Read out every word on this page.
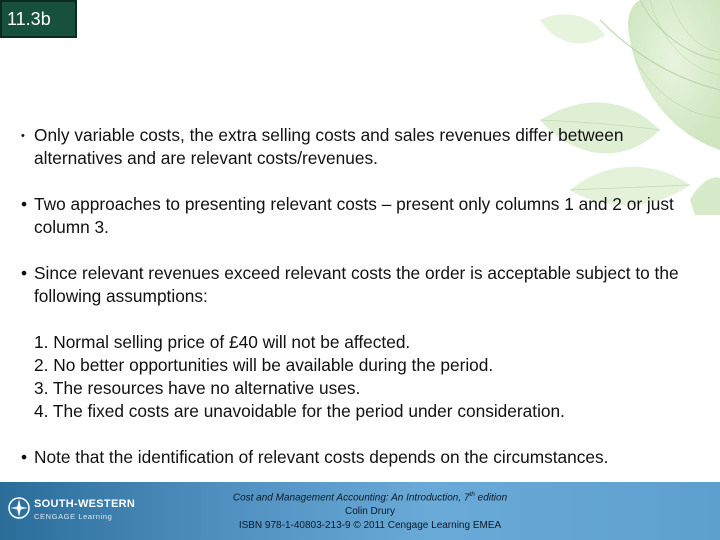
11.3b

• Only variable costs, the extra selling costs and sales revenues differ between alternatives and are relevant costs/revenues.

• Two approaches to presenting relevant costs – present only columns 1 and 2 or just column 3.

• Since relevant revenues exceed relevant costs the order is acceptable subject to the following assumptions:

1. Normal selling price of £40 will not be affected.
2. No better opportunities will be available during the period.
3. The resources have no alternative uses.
4. The fixed costs are unavoidable for the period under consideration.

• Note that the identification of relevant costs depends on the circumstances.

SOUTH-WESTERN
CENGAGE Learning
Cost and Management Accounting: An Introduction, 7th edition
Colin Drury
ISBN 978-1-40803-213-9 © 2011 Cengage Learning EMEA
